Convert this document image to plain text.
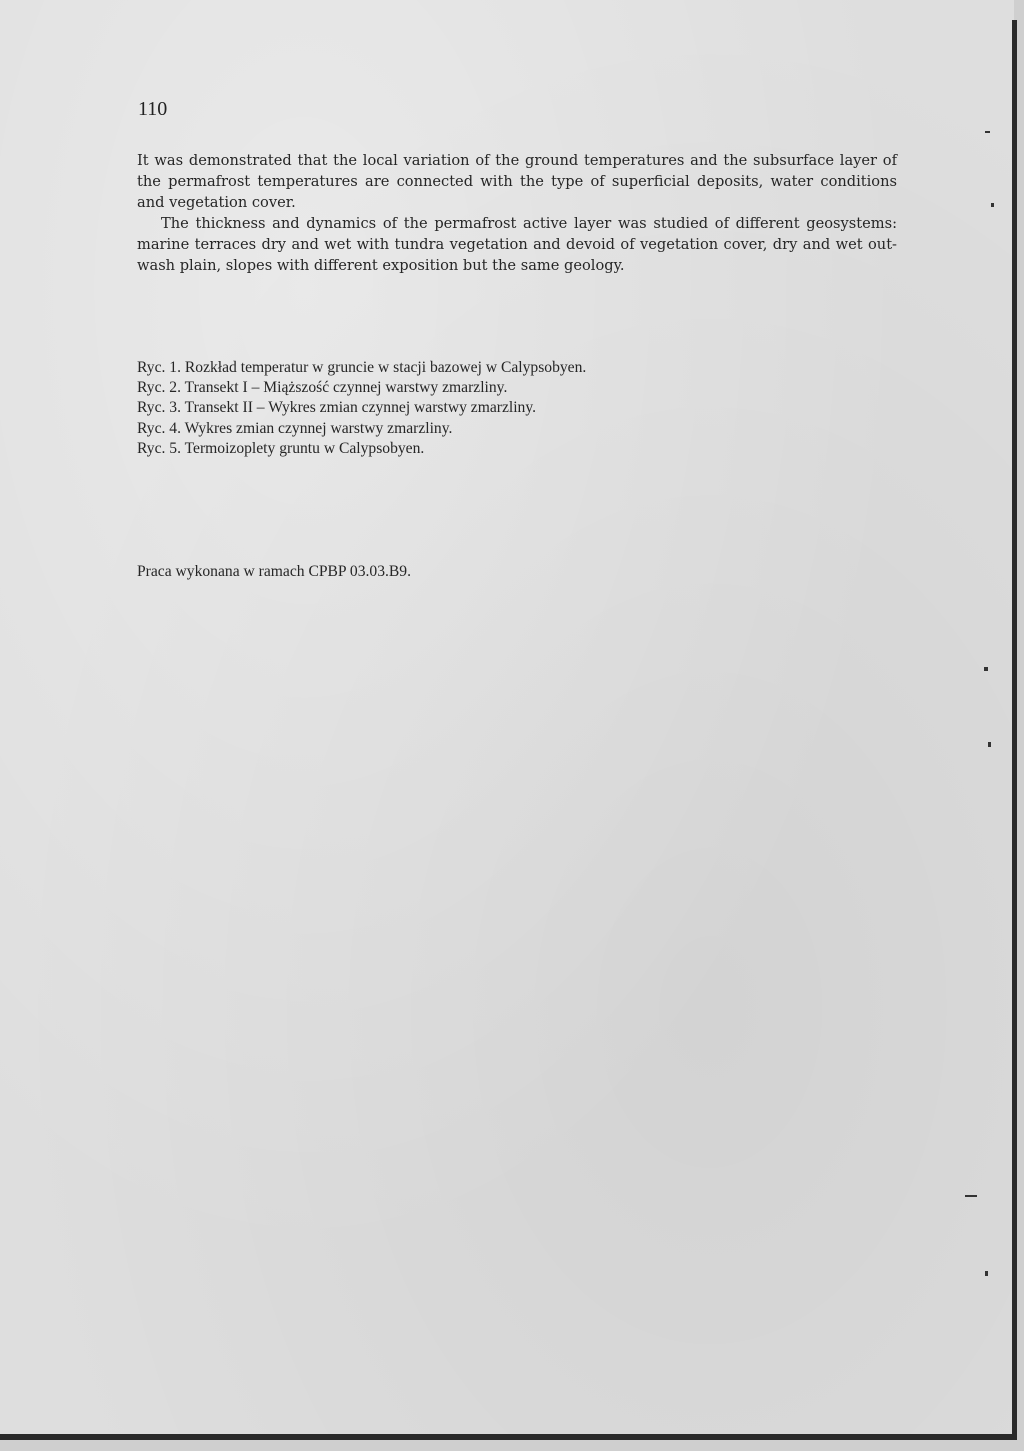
110

It was demonstrated that the local variation of the ground temperatures and the subsurface layer of the permafrost temperatures are connected with the type of superficial deposits, water conditions and vegetation cover.

The thickness and dynamics of the permafrost active layer was studied of different geosystems: marine terraces dry and wet with tundra vegetation and devoid of vegetation cover, dry and wet out-wash plain, slopes with different exposition but the same geology.

Ryc. 1. Rozkład temperatur w gruncie w stacji bazowej w Calypsobyen.
Ryc. 2. Transekt I – Miąższość czynnej warstwy zmarzliny.
Ryc. 3. Transekt II – Wykres zmian czynnej warstwy zmarzliny.
Ryc. 4. Wykres zmian czynnej warstwy zmarzliny.
Ryc. 5. Termoizoplety gruntu w Calypsobyen.
Praca wykonana w ramach CPBP 03.03.B9.
